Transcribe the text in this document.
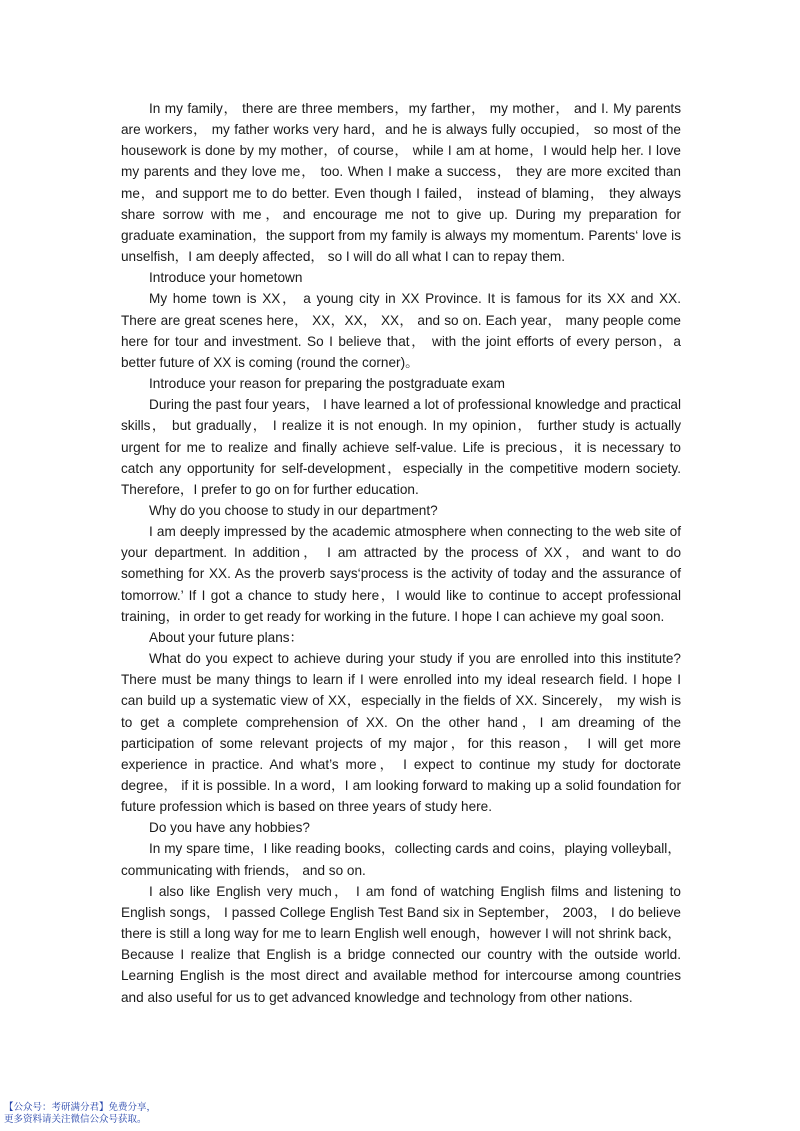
In my family， there are three members，my farther， my mother， and I. My parents are workers， my father works very hard，and he is always fully occupied， so most of the housework is done by my mother，of course， while I am at home，I would help her. I love my parents and they love me， too. When I make a success， they are more excited than me，and support me to do better. Even though I failed， instead of blaming， they always share sorrow with me，and encourage me not to give up. During my preparation for graduate examination，the support from my family is always my momentum. Parents‘ love is unselfish，I am deeply affected， so I will do all what I can to repay them.

Introduce your hometown

My home town is XX， a young city in XX Province. It is famous for its XX and XX. There are great scenes here， XX，XX， XX， and so on. Each year， many people come here for tour and investment. So I believe that， with the joint efforts of every person，a better future of XX is coming (round the corner)。

Introduce your reason for preparing the postgraduate exam

During the past four years， I have learned a lot of professional knowledge and practical skills， but gradually， I realize it is not enough. In my opinion， further study is actually urgent for me to realize and finally achieve self-value. Life is precious，it is necessary to catch any opportunity for self-development，especially in the competitive modern society. Therefore，I prefer to go on for further education.

Why do you choose to study in our department?

I am deeply impressed by the academic atmosphere when connecting to the web site of your department. In addition， I am attracted by the process of XX，and want to do something for XX. As the proverb says‘process is the activity of today and the assurance of tomorrow.’ If I got a chance to study here，I would like to continue to accept professional training，in order to get ready for working in the future. I hope I can achieve my goal soon.

About your future plans：

What do you expect to achieve during your study if you are enrolled into this institute? There must be many things to learn if I were enrolled into my ideal research field. I hope I can build up a systematic view of XX，especially in the fields of XX. Sincerely， my wish is to get a complete comprehension of XX. On the other hand，I am dreaming of the participation of some relevant projects of my major，for this reason， I will get more experience in practice. And what’s more， I expect to continue my study for doctorate degree， if it is possible. In a word，I am looking forward to making up a solid foundation for future profession which is based on three years of study here.

Do you have any hobbies?

In my spare time，I like reading books，collecting cards and coins，playing volleyball，communicating with friends， and so on.

I also like English very much， I am fond of watching English films and listening to English songs， I passed College English Test Band six in September， 2003， I do believe there is still a long way for me to learn English well enough，however I will not shrink back，Because I realize that English is a bridge connected our country with the outside world. Learning English is the most direct and available method for intercourse among countries and also useful for us to get advanced knowledge and technology from other nations.

【公众号：考研满分君】免费分享，
更多资料请关注微信公众号获取。
